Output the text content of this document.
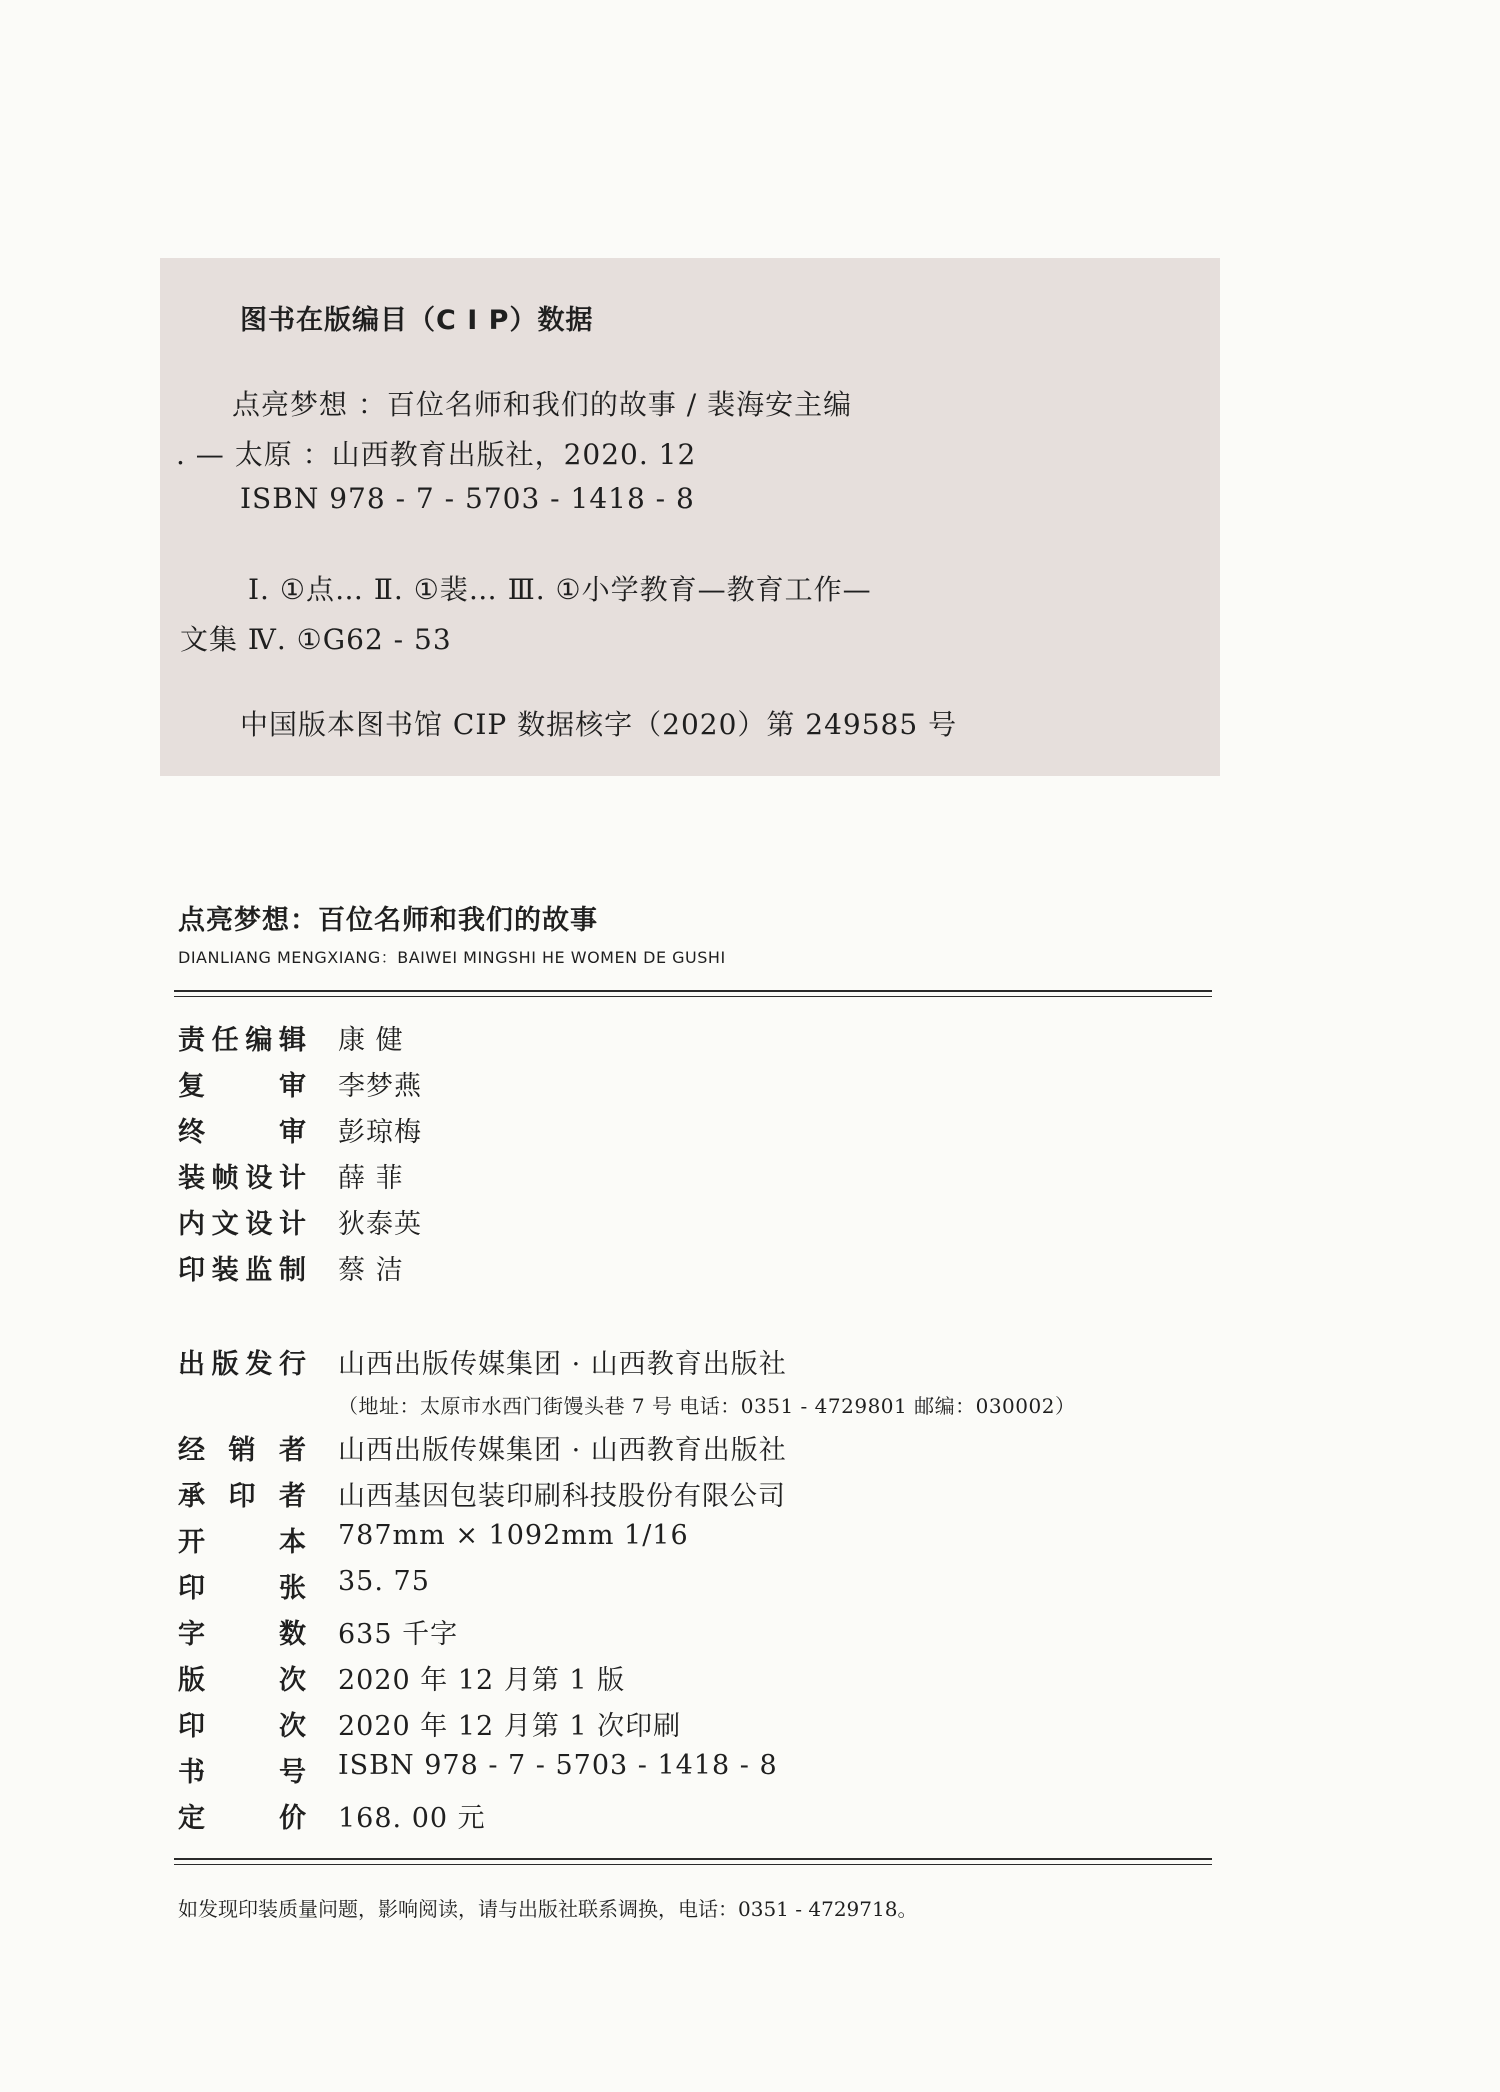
图书在版编目（C I P）数据
点亮梦想 ：百位名师和我们的故事 / 裴海安主编
. — 太原 ：山西教育出版社，2020. 12
ISBN 978 - 7 - 5703 - 1418 - 8
Ⅰ. ①点… Ⅱ. ①裴… Ⅲ. ①小学教育—教育工作—
文集 Ⅳ. ①G62 - 53
中国版本图书馆 CIP 数据核字（2020）第 249585 号
点亮梦想：百位名师和我们的故事
DIANLIANG MENGXIANG：BAIWEI MINGSHI HE WOMEN DE GUSHI
责任编辑 康 健
复审 李梦燕
终审 彭琼梅
装帧设计 薛 菲
内文设计 狄泰英
印装监制 蔡 洁
出版发行 山西出版传媒集团 · 山西教育出版社
（地址：太原市水西门街馒头巷 7 号 电话：0351 - 4729801 邮编：030002）
经销者 山西出版传媒集团 · 山西教育出版社
承印者 山西基因包装印刷科技股份有限公司
开本 787mm × 1092mm 1/16
印张 35. 75
字数 635 千字
版次 2020 年 12 月第 1 版
印次 2020 年 12 月第 1 次印刷
书号 ISBN 978 - 7 - 5703 - 1418 - 8
定价 168. 00 元
如发现印装质量问题，影响阅读，请与出版社联系调换，电话：0351 - 4729718。
